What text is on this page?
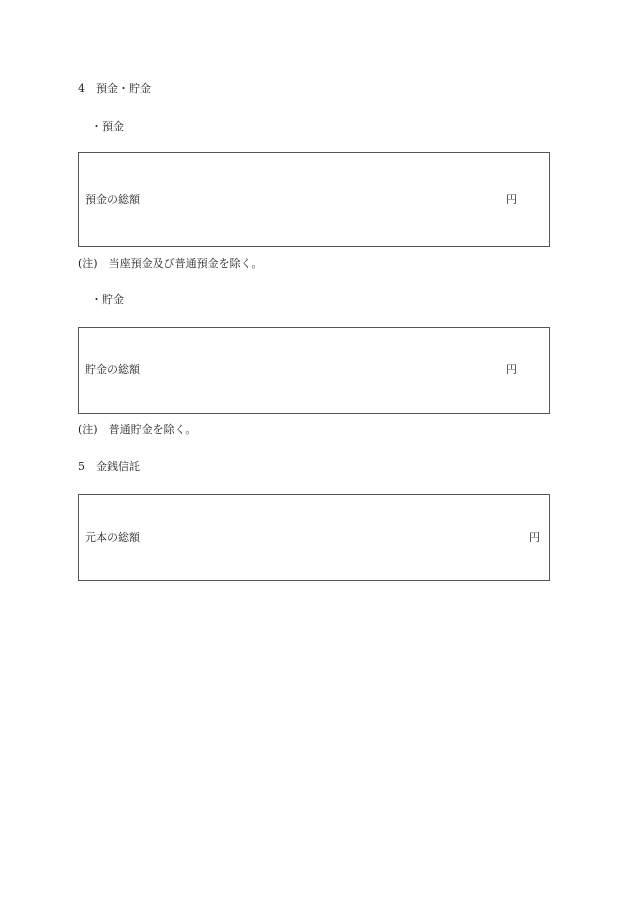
4　預金・貯金
・預金
預金の総額	円
(注)　当座預金及び普通預金を除く。
・貯金
貯金の総額	円
(注)　普通貯金を除く。
5　金銭信託
元本の総額	円
